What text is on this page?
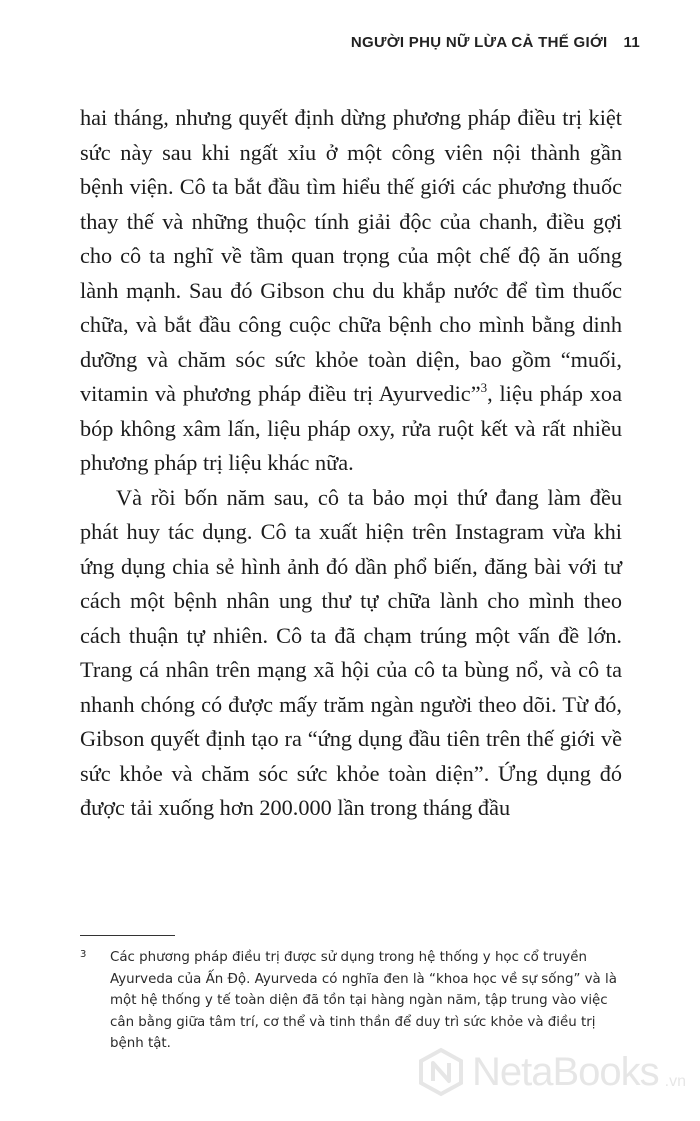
NGƯỜI PHỤ NỮ LỪA CẢ THẾ GIỚI 11

hai tháng, nhưng quyết định dừng phương pháp điều trị kiệt sức này sau khi ngất xỉu ở một công viên nội thành gần bệnh viện. Cô ta bắt đầu tìm hiểu thế giới các phương thuốc thay thế và những thuộc tính giải độc của chanh, điều gợi cho cô ta nghĩ về tầm quan trọng của một chế độ ăn uống lành mạnh. Sau đó Gibson chu du khắp nước để tìm thuốc chữa, và bắt đầu công cuộc chữa bệnh cho mình bằng dinh dưỡng và chăm sóc sức khỏe toàn diện, bao gồm “muối, vitamin và phương pháp điều trị Ayurvedic”$^3$, liệu pháp xoa bóp không xâm lấn, liệu pháp oxy, rửa ruột kết và rất nhiều phương pháp trị liệu khác nữa.

Và rồi bốn năm sau, cô ta bảo mọi thứ đang làm đều phát huy tác dụng. Cô ta xuất hiện trên Instagram vừa khi ứng dụng chia sẻ hình ảnh đó dần phổ biến, đăng bài với tư cách một bệnh nhân ung thư tự chữa lành cho mình theo cách thuận tự nhiên. Cô ta đã chạm trúng một vấn đề lớn. Trang cá nhân trên mạng xã hội của cô ta bùng nổ, và cô ta nhanh chóng có được mấy trăm ngàn người theo dõi. Từ đó, Gibson quyết định tạo ra “ứng dụng đầu tiên trên thế giới về sức khỏe và chăm sóc sức khỏe toàn diện”. Ứng dụng đó được tải xuống hơn 200.000 lần trong tháng đầu

3	Các phương pháp điều trị được sử dụng trong hệ thống y học cổ truyền Ayurveda của Ấn Độ. Ayurveda có nghĩa đen là “khoa học về sự sống” và là một hệ thống y tế toàn diện đã tồn tại hàng ngàn năm, tập trung vào việc cân bằng giữa tâm trí, cơ thể và tinh thần để duy trì sức khỏe và điều trị bệnh tật.
NetaBooks .vn
